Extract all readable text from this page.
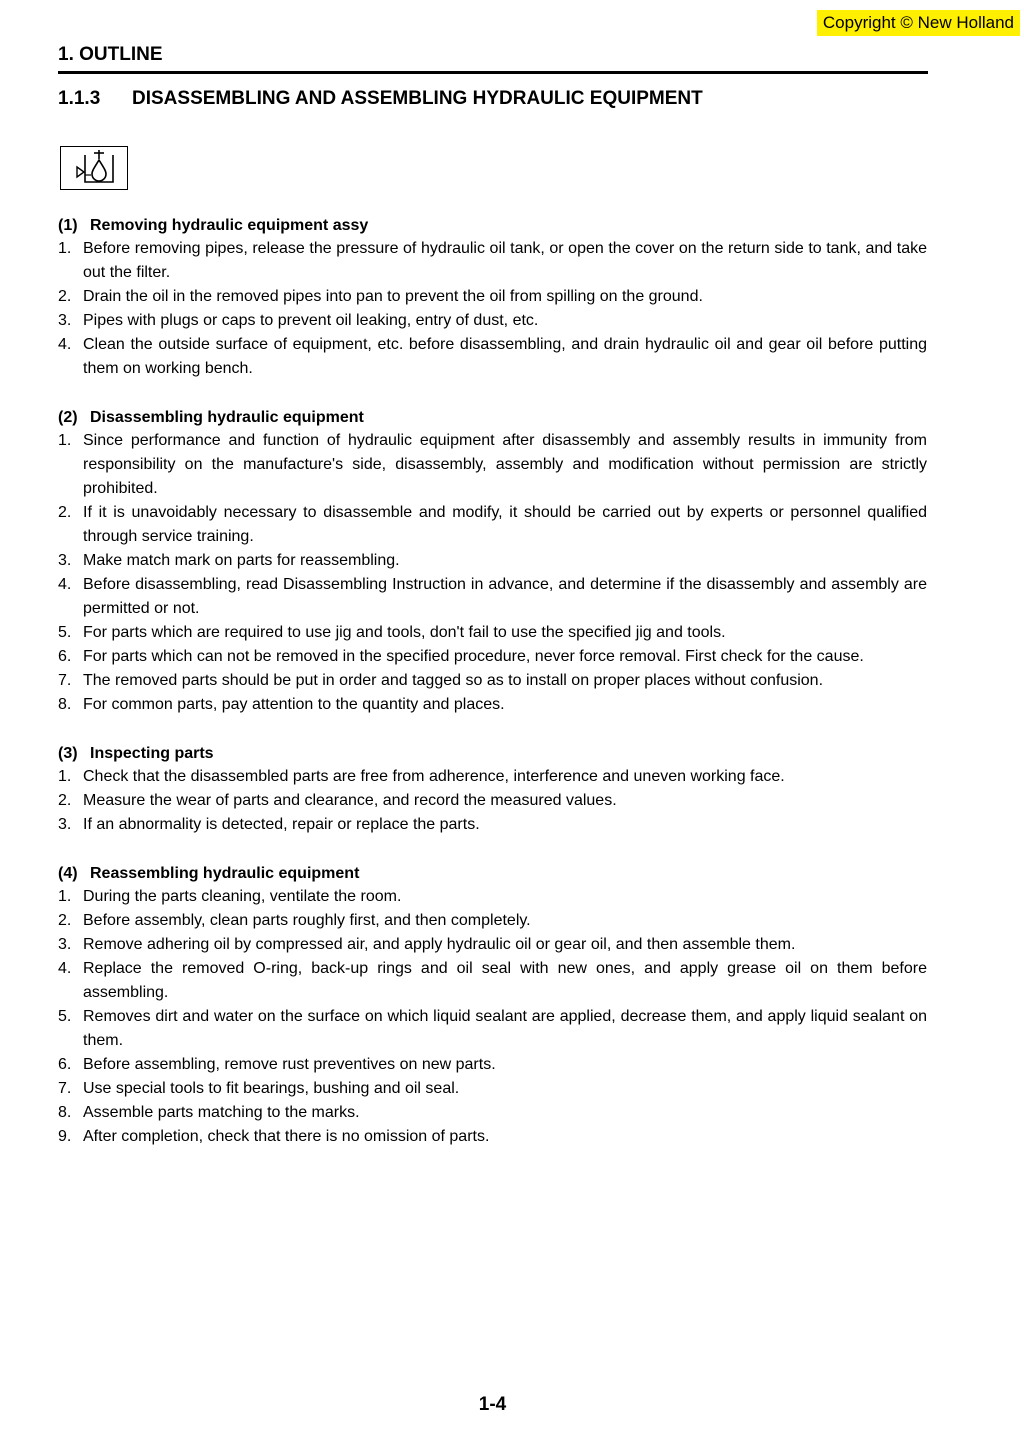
Copyright © New Holland
1. OUTLINE
1.1.3 DISASSEMBLING AND ASSEMBLING HYDRAULIC EQUIPMENT
(1) Removing hydraulic equipment assy
1. Before removing pipes, release the pressure of hydraulic oil tank, or open the cover on the return side to tank, and take out the filter.
2. Drain the oil in the removed pipes into pan to prevent the oil from spilling on the ground.
3. Pipes with plugs or caps to prevent oil leaking, entry of dust, etc.
4. Clean the outside surface of equipment, etc. before disassembling, and drain hydraulic oil and gear oil before putting them on working bench.
(2) Disassembling hydraulic equipment
1. Since performance and function of hydraulic equipment after disassembly and assembly results in immunity from responsibility on the manufacture's side, disassembly, assembly and modification without permission are strictly prohibited.
2. If it is unavoidably necessary to disassemble and modify, it should be carried out by experts or personnel qualified through service training.
3. Make match mark on parts for reassembling.
4. Before disassembling, read Disassembling Instruction in advance, and determine if the disassembly and assembly are permitted or not.
5. For parts which are required to use jig and tools, don't fail to use the specified jig and tools.
6. For parts which can not be removed in the specified procedure, never force removal. First check for the cause.
7. The removed parts should be put in order and tagged so as to install on proper places without confusion.
8. For common parts, pay attention to the quantity and places.
(3) Inspecting parts
1. Check that the disassembled parts are free from adherence, interference and uneven working face.
2. Measure the wear of parts and clearance, and record the measured values.
3. If an abnormality is detected, repair or replace the parts.
(4) Reassembling hydraulic equipment
1. During the parts cleaning, ventilate the room.
2. Before assembly, clean parts roughly first, and then completely.
3. Remove adhering oil by compressed air, and apply hydraulic oil or gear oil, and then assemble them.
4. Replace the removed O-ring, back-up rings and oil seal with new ones, and apply grease oil on them before assembling.
5. Removes dirt and water on the surface on which liquid sealant are applied, decrease them, and apply liquid sealant on them.
6. Before assembling, remove rust preventives on new parts.
7. Use special tools to fit bearings, bushing and oil seal.
8. Assemble parts matching to the marks.
9. After completion, check that there is no omission of parts.
1-4
